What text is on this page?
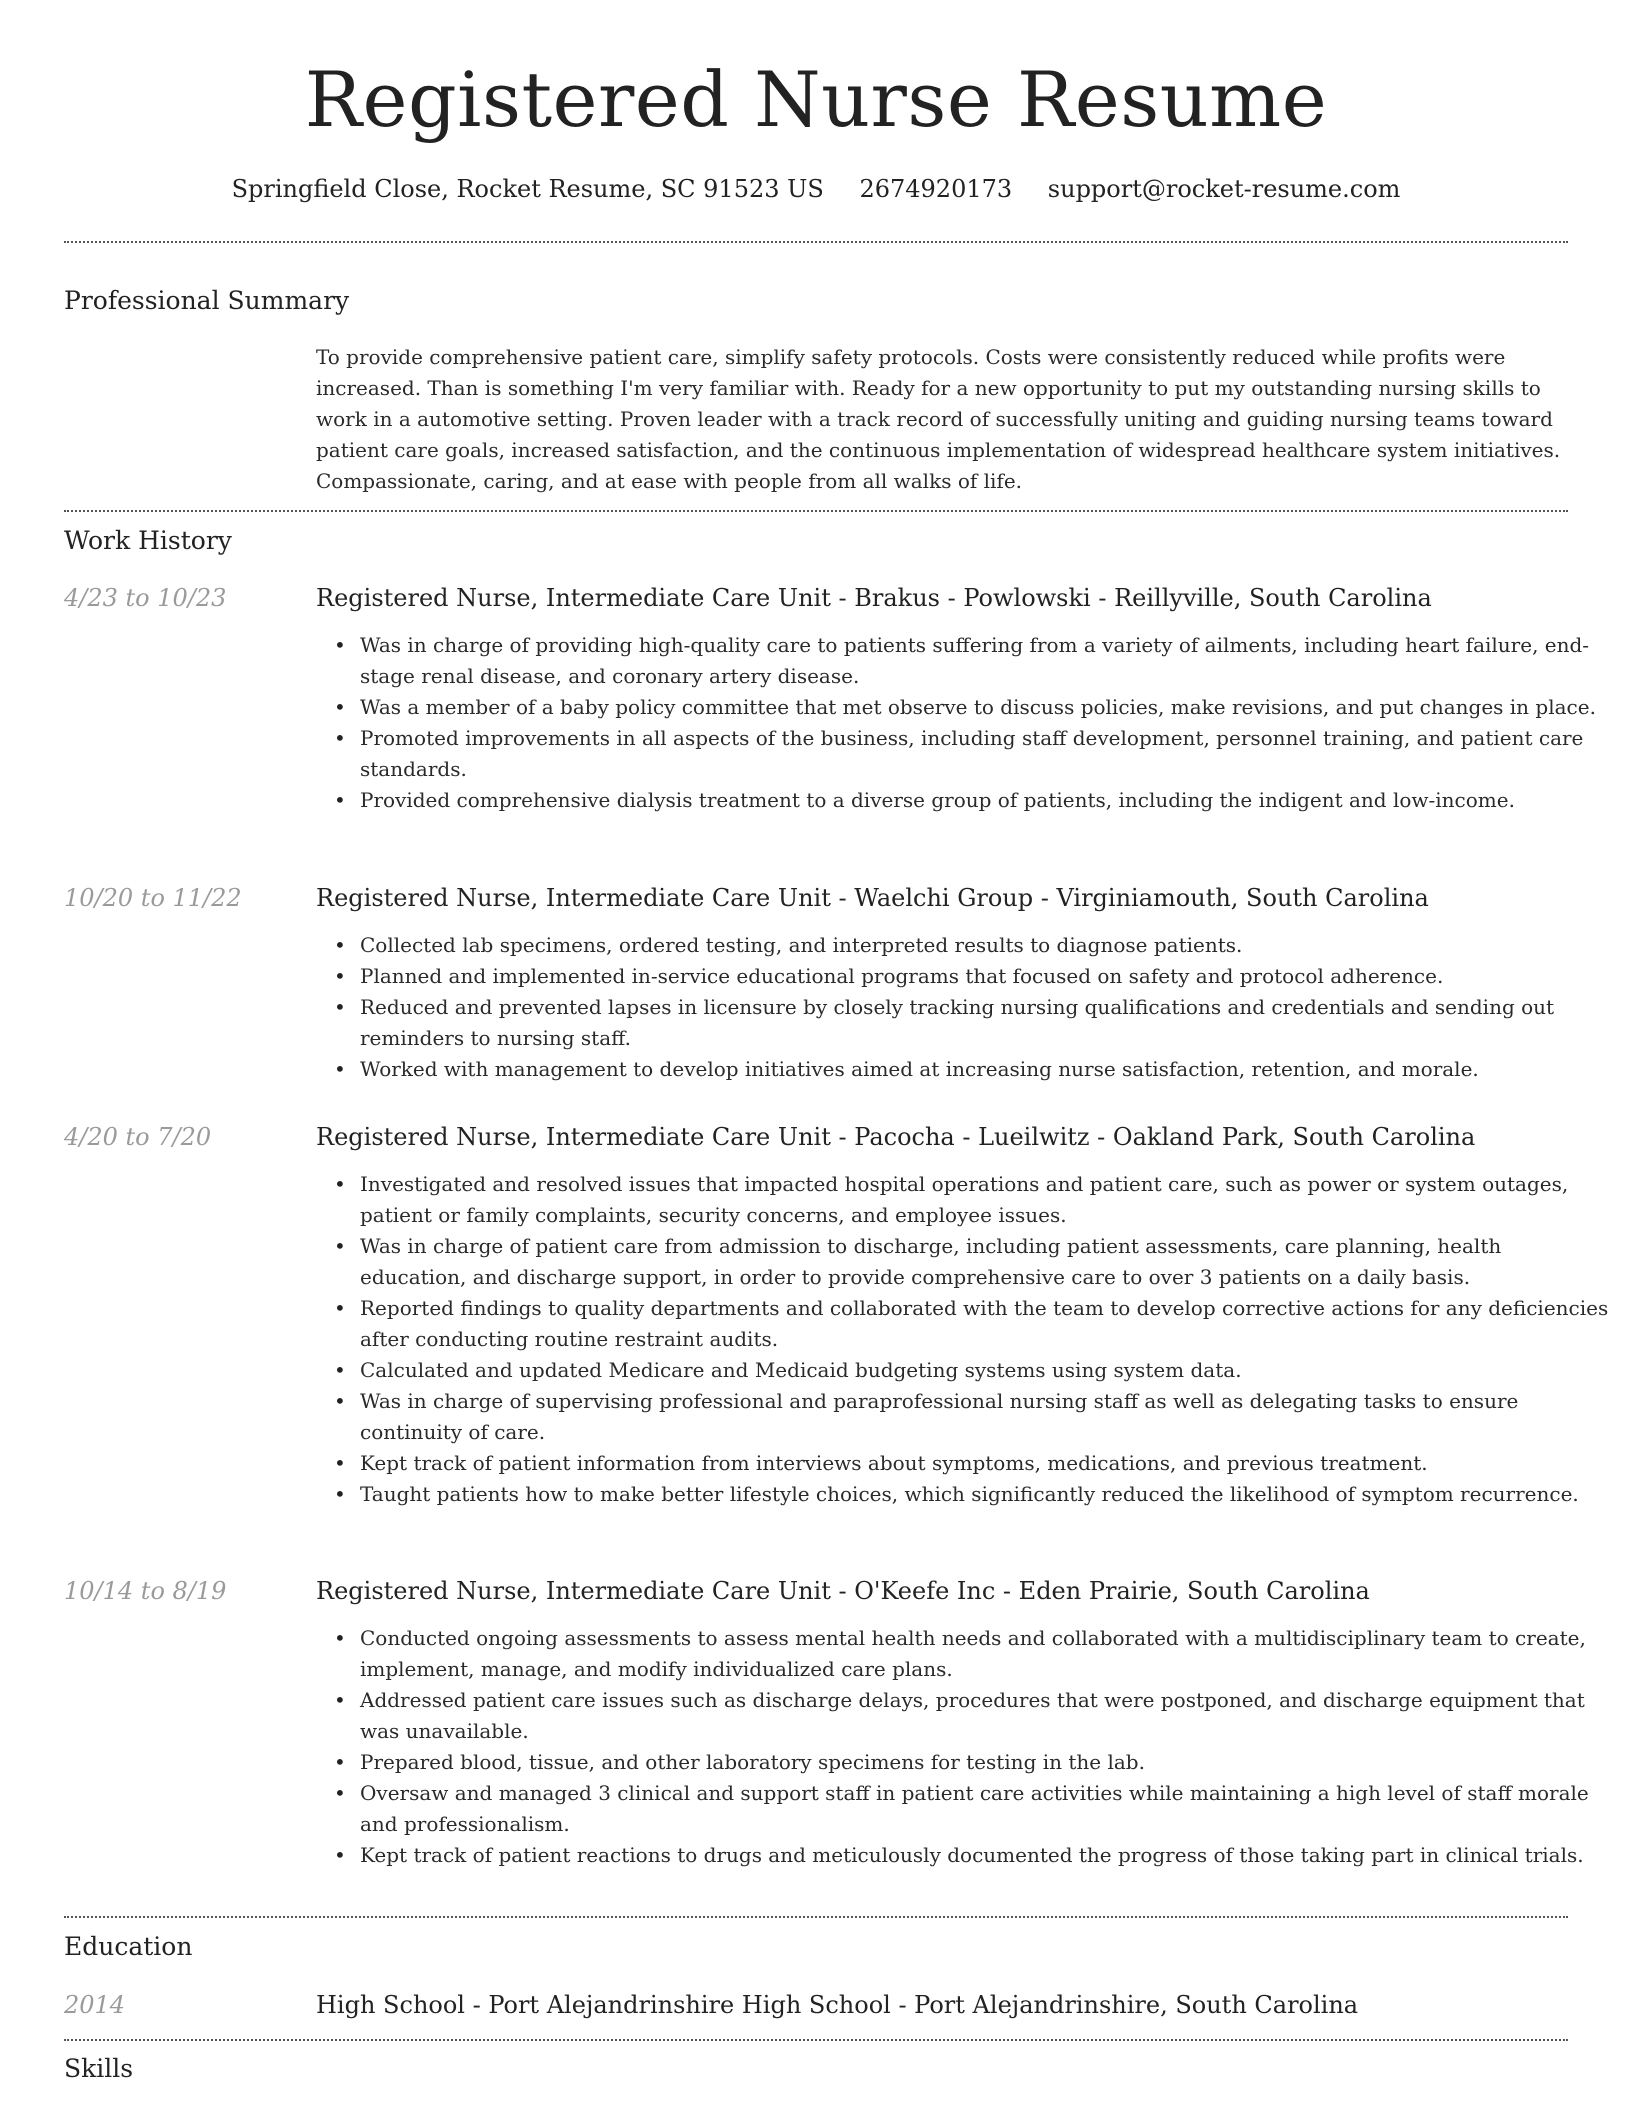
Registered Nurse Resume
Springfield Close, Rocket Resume, SC 91523 US 2674920173 support@rocket-resume.com
Professional Summary

To provide comprehensive patient care, simplify safety protocols. Costs were consistently reduced while profits were increased. Than is something I'm very familiar with. Ready for a new opportunity to put my outstanding nursing skills to work in a automotive setting. Proven leader with a track record of successfully uniting and guiding nursing teams toward patient care goals, increased satisfaction, and the continuous implementation of widespread healthcare system initiatives. Compassionate, caring, and at ease with people from all walks of life.

Work History
4/23 to 10/23	Registered Nurse, Intermediate Care Unit - Brakus - Powlowski - Reillyville, South Carolina
• Was in charge of providing high-quality care to patients suffering from a variety of ailments, including heart failure, end-stage renal disease, and coronary artery disease.
• Was a member of a baby policy committee that met observe to discuss policies, make revisions, and put changes in place.
• Promoted improvements in all aspects of the business, including staff development, personnel training, and patient care standards.
• Provided comprehensive dialysis treatment to a diverse group of patients, including the indigent and low-income.
10/20 to 11/22	Registered Nurse, Intermediate Care Unit - Waelchi Group - Virginiamouth, South Carolina
• Collected lab specimens, ordered testing, and interpreted results to diagnose patients.
• Planned and implemented in-service educational programs that focused on safety and protocol adherence.
• Reduced and prevented lapses in licensure by closely tracking nursing qualifications and credentials and sending out reminders to nursing staff.
• Worked with management to develop initiatives aimed at increasing nurse satisfaction, retention, and morale.
4/20 to 7/20	Registered Nurse, Intermediate Care Unit - Pacocha - Lueilwitz - Oakland Park, South Carolina
• Investigated and resolved issues that impacted hospital operations and patient care, such as power or system outages, patient or family complaints, security concerns, and employee issues.
• Was in charge of patient care from admission to discharge, including patient assessments, care planning, health education, and discharge support, in order to provide comprehensive care to over 3 patients on a daily basis.
• Reported findings to quality departments and collaborated with the team to develop corrective actions for any deficiencies after conducting routine restraint audits.
• Calculated and updated Medicare and Medicaid budgeting systems using system data.
• Was in charge of supervising professional and paraprofessional nursing staff as well as delegating tasks to ensure continuity of care.
• Kept track of patient information from interviews about symptoms, medications, and previous treatment.
• Taught patients how to make better lifestyle choices, which significantly reduced the likelihood of symptom recurrence.
10/14 to 8/19	Registered Nurse, Intermediate Care Unit - O'Keefe Inc - Eden Prairie, South Carolina
• Conducted ongoing assessments to assess mental health needs and collaborated with a multidisciplinary team to create, implement, manage, and modify individualized care plans.
• Addressed patient care issues such as discharge delays, procedures that were postponed, and discharge equipment that was unavailable.
• Prepared blood, tissue, and other laboratory specimens for testing in the lab.
• Oversaw and managed 3 clinical and support staff in patient care activities while maintaining a high level of staff morale and professionalism.
• Kept track of patient reactions to drugs and meticulously documented the progress of those taking part in clinical trials.
Education
2014	High School - Port Alejandrinshire High School - Port Alejandrinshire, South Carolina
Skills
